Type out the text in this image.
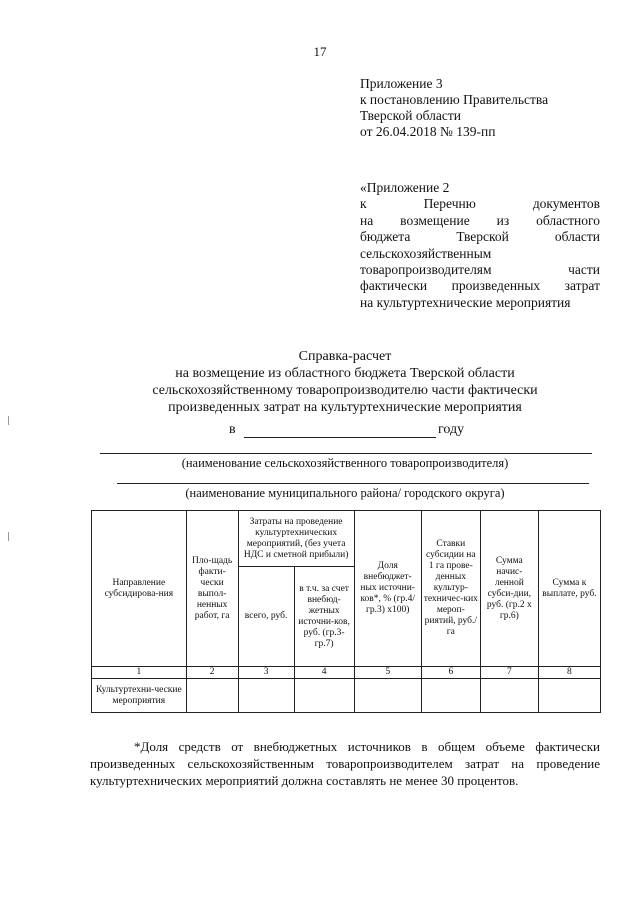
17
Приложение 3
к постановлению Правительства
Тверской области
от 26.04.2018 № 139-пп
«Приложение 2
к	Перечню	документов
на возмещение из областного
бюджета	Тверской	области
сельскохозяйственным
товаропроизводителям	части
фактически произведенных затрат
на культуртехнические мероприятия
Справка-расчет
на возмещение из областного бюджета Тверской области
сельскохозяйственному товаропроизводителю части фактически
произведенных затрат на культуртехнические мероприятия
в	году
(наименование сельскохозяйственного товаропроизводителя)
(наименование муниципального района/ городского округа)
Направление субсидирова-ния	Пло-щадь факти-чески выпол-ненных работ, га	Затраты на проведение культуртехнических мероприятий, (без учета НДС и сметной прибыли)		Доля внебюджет-ных источни-ков*, % (гр.4/ гр.3) х100)	Ставки субсидии на 1 га прове-денных культур-техничес-ких мероп-риятий, руб./га	Сумма начис-ленной субси-дии, руб. (гр.2 х гр.6)	Сумма к выплате, руб.
		всего, руб.	в т.ч. за счет внебюд-жетных источни-ков, руб. (гр.3-гр.7)				
1	2	3	4	5	6	7	8
Культуртехни-ческие мероприятия							
*Доля средств от внебюджетных источников в общем объеме фактически произведенных сельскохозяйственным товаропроизводителем затрат на проведение культуртехнических мероприятий должна составлять не менее 30 процентов.
